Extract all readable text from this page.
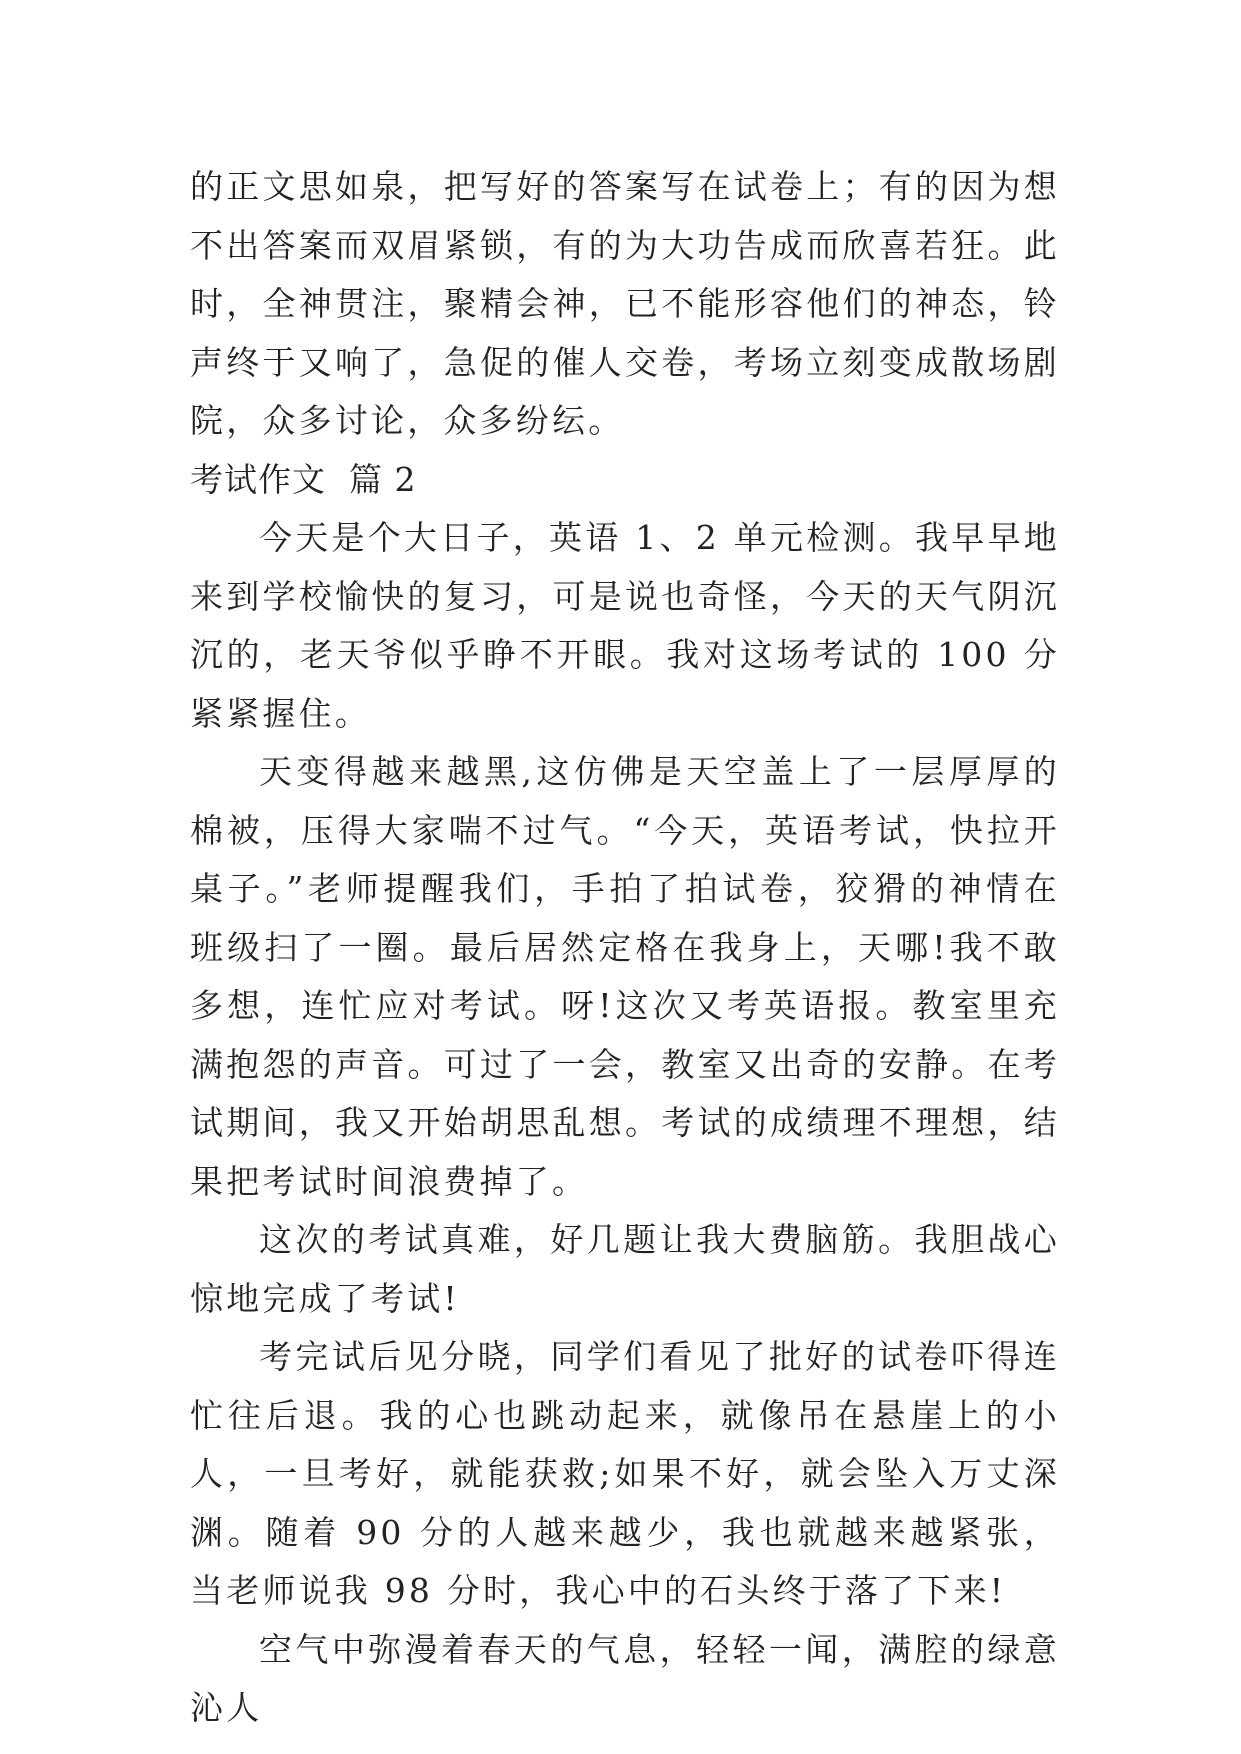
的正文思如泉，把写好的答案写在试卷上；有的因为想不出答案而双眉紧锁，有的为大功告成而欣喜若狂。此时，全神贯注，聚精会神，已不能形容他们的神态，铃声终于又响了，急促的催人交卷，考场立刻变成散场剧院，众多讨论，众多纷纭。

考试作文  篇 2

今天是个大日子，英语 1、2 单元检测。我早早地来到学校愉快的复习，可是说也奇怪，今天的天气阴沉沉的，老天爷似乎睁不开眼。我对这场考试的 100 分紧紧握住。

天变得越来越黑,这仿佛是天空盖上了一层厚厚的棉被，压得大家喘不过气。“今天，英语考试，快拉开桌子。”老师提醒我们，手拍了拍试卷，狡猾的神情在班级扫了一圈。最后居然定格在我身上，天哪!我不敢多想，连忙应对考试。呀!这次又考英语报。教室里充满抱怨的声音。可过了一会，教室又出奇的安静。在考试期间，我又开始胡思乱想。考试的成绩理不理想，结果把考试时间浪费掉了。

这次的考试真难，好几题让我大费脑筋。我胆战心惊地完成了考试!

考完试后见分晓，同学们看见了批好的试卷吓得连忙往后退。我的心也跳动起来，就像吊在悬崖上的小人，一旦考好，就能获救;如果不好，就会坠入万丈深渊。随着 90 分的人越来越少，我也就越来越紧张，当老师说我 98 分时，我心中的石头终于落了下来!

空气中弥漫着春天的气息，轻轻一闻，满腔的绿意沁人
